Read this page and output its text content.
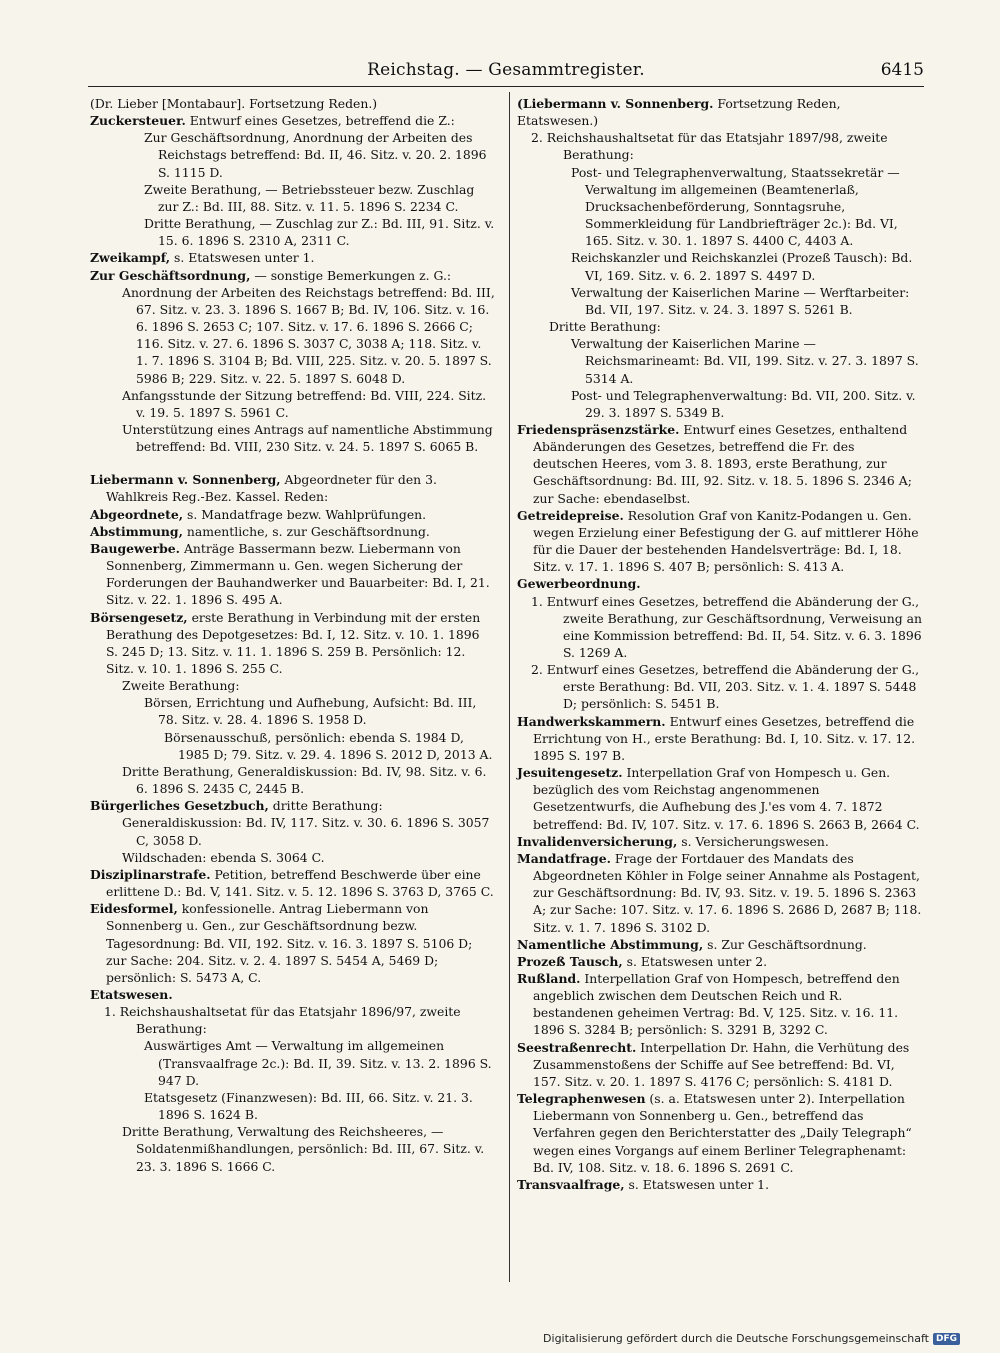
Reichstag. — Gesammtregister.	6415
(Dr. Lieber [Montabaur]. Fortsetzung Reden.)
Zuckersteuer. Entwurf eines Gesetzes, betreffend die Z.:
Zur Geschäftsordnung, Anordnung der Arbeiten des Reichstags betreffend: Bd. II, 46. Sitz. v. 20. 2. 1896 S. 1115 D.
Zweite Berathung, — Betriebssteuer bezw. Zuschlag zur Z.: Bd. III, 88. Sitz. v. 11. 5. 1896 S. 2234 C.
Dritte Berathung, — Zuschlag zur Z.: Bd. III, 91. Sitz. v. 15. 6. 1896 S. 2310 A, 2311 C.
Zweikampf, s. Etatswesen unter 1.
Zur Geschäftsordnung, — sonstige Bemerkungen z. G.:
Anordnung der Arbeiten des Reichstags betreffend: Bd. III, 67. Sitz. v. 23. 3. 1896 S. 1667 B; Bd. IV, 106. Sitz. v. 16. 6. 1896 S. 2653 C; 107. Sitz. v. 17. 6. 1896 S. 2666 C; 116. Sitz. v. 27. 6. 1896 S. 3037 C, 3038 A; 118. Sitz. v. 1. 7. 1896 S. 3104 B; Bd. VIII, 225. Sitz. v. 20. 5. 1897 S. 5986 B; 229. Sitz. v. 22. 5. 1897 S. 6048 D.
Anfangsstunde der Sitzung betreffend: Bd. VIII, 224. Sitz. v. 19. 5. 1897 S. 5961 C.
Unterstützung eines Antrags auf namentliche Abstimmung betreffend: Bd. VIII, 230 Sitz. v. 24. 5. 1897 S. 6065 B.
Liebermann v. Sonnenberg, Abgeordneter für den 3. Wahlkreis Reg.-Bez. Kassel. Reden:
Abgeordnete, s. Mandatfrage bezw. Wahlprüfungen.
Abstimmung, namentliche, s. zur Geschäftsordnung.
Baugewerbe. Anträge Bassermann bezw. Liebermann von Sonnenberg, Zimmermann u. Gen. wegen Sicherung der Forderungen der Bauhandwerker und Bauarbeiter: Bd. I, 21. Sitz. v. 22. 1. 1896 S. 495 A.
Börsengesetz, erste Berathung in Verbindung mit der ersten Berathung des Depotgesetzes: Bd. I, 12. Sitz. v. 10. 1. 1896 S. 245 D; 13. Sitz. v. 11. 1. 1896 S. 259 B. Persönlich: 12. Sitz. v. 10. 1. 1896 S. 255 C.
Zweite Berathung:
Börsen, Errichtung und Aufhebung, Aufsicht: Bd. III, 78. Sitz. v. 28. 4. 1896 S. 1958 D.
Börsenausschuß, persönlich: ebenda S. 1984 D, 1985 D; 79. Sitz. v. 29. 4. 1896 S. 2012 D, 2013 A.
Dritte Berathung, Generaldiskussion: Bd. IV, 98. Sitz. v. 6. 6. 1896 S. 2435 C, 2445 B.
Bürgerliches Gesetzbuch, dritte Berathung:
Generaldiskussion: Bd. IV, 117. Sitz. v. 30. 6. 1896 S. 3057 C, 3058 D.
Wildschaden: ebenda S. 3064 C.
Disziplinarstrafe. Petition, betreffend Beschwerde über eine erlittene D.: Bd. V, 141. Sitz. v. 5. 12. 1896 S. 3763 D, 3765 C.
Eidesformel, konfessionelle. Antrag Liebermann von Sonnenberg u. Gen., zur Geschäftsordnung bezw. Tagesordnung: Bd. VII, 192. Sitz. v. 16. 3. 1897 S. 5106 D; zur Sache: 204. Sitz. v. 2. 4. 1897 S. 5454 A, 5469 D; persönlich: S. 5473 A, C.
Etatswesen.
1. Reichshaushaltsetat für das Etatsjahr 1896/97, zweite Berathung:
Auswärtiges Amt — Verwaltung im allgemeinen (Transvaalfrage 2c.): Bd. II, 39. Sitz. v. 13. 2. 1896 S. 947 D.
Etatsgesetz (Finanzwesen): Bd. III, 66. Sitz. v. 21. 3. 1896 S. 1624 B.
Dritte Berathung, Verwaltung des Reichsheeres, — Soldatenmißhandlungen, persönlich: Bd. III, 67. Sitz. v. 23. 3. 1896 S. 1666 C.
(Liebermann v. Sonnenberg. Fortsetzung Reden, Etatswesen.)
2. Reichshaushaltsetat für das Etatsjahr 1897/98, zweite Berathung:
Post- und Telegraphenverwaltung, Staatssekretär — Verwaltung im allgemeinen (Beamtenerlaß, Drucksachenbeförderung, Sonntagsruhe, Sommerkleidung für Landbriefträger 2c.): Bd. VI, 165. Sitz. v. 30. 1. 1897 S. 4400 C, 4403 A.
Reichskanzler und Reichskanzlei (Prozeß Tausch): Bd. VI, 169. Sitz. v. 6. 2. 1897 S. 4497 D.
Verwaltung der Kaiserlichen Marine — Werftarbeiter: Bd. VII, 197. Sitz. v. 24. 3. 1897 S. 5261 B.
Dritte Berathung:
Verwaltung der Kaiserlichen Marine — Reichsmarineamt: Bd. VII, 199. Sitz. v. 27. 3. 1897 S. 5314 A.
Post- und Telegraphenverwaltung: Bd. VII, 200. Sitz. v. 29. 3. 1897 S. 5349 B.
Friedenspräsenzstärke. Entwurf eines Gesetzes, enthaltend Abänderungen des Gesetzes, betreffend die Fr. des deutschen Heeres, vom 3. 8. 1893, erste Berathung, zur Geschäftsordnung: Bd. III, 92. Sitz. v. 18. 5. 1896 S. 2346 A; zur Sache: ebendaselbst.
Getreidepreise. Resolution Graf von Kanitz-Podangen u. Gen. wegen Erzielung einer Befestigung der G. auf mittlerer Höhe für die Dauer der bestehenden Handelsverträge: Bd. I, 18. Sitz. v. 17. 1. 1896 S. 407 B; persönlich: S. 413 A.
Gewerbeordnung.
1. Entwurf eines Gesetzes, betreffend die Abänderung der G., zweite Berathung, zur Geschäftsordnung, Verweisung an eine Kommission betreffend: Bd. II, 54. Sitz. v. 6. 3. 1896 S. 1269 A.
2. Entwurf eines Gesetzes, betreffend die Abänderung der G., erste Berathung: Bd. VII, 203. Sitz. v. 1. 4. 1897 S. 5448 D; persönlich: S. 5451 B.
Handwerkskammern. Entwurf eines Gesetzes, betreffend die Errichtung von H., erste Berathung: Bd. I, 10. Sitz. v. 17. 12. 1895 S. 197 B.
Jesuitengesetz. Interpellation Graf von Hompesch u. Gen. bezüglich des vom Reichstag angenommenen Gesetzentwurfs, die Aufhebung des J.'es vom 4. 7. 1872 betreffend: Bd. IV, 107. Sitz. v. 17. 6. 1896 S. 2663 B, 2664 C.
Invalidenversicherung, s. Versicherungswesen.
Mandatfrage. Frage der Fortdauer des Mandats des Abgeordneten Köhler in Folge seiner Annahme als Postagent, zur Geschäftsordnung: Bd. IV, 93. Sitz. v. 19. 5. 1896 S. 2363 A; zur Sache: 107. Sitz. v. 17. 6. 1896 S. 2686 D, 2687 B; 118. Sitz. v. 1. 7. 1896 S. 3102 D.
Namentliche Abstimmung, s. Zur Geschäftsordnung.
Prozeß Tausch, s. Etatswesen unter 2.
Rußland. Interpellation Graf von Hompesch, betreffend den angeblich zwischen dem Deutschen Reich und R. bestandenen geheimen Vertrag: Bd. V, 125. Sitz. v. 16. 11. 1896 S. 3284 B; persönlich: S. 3291 B, 3292 C.
Seestraßenrecht. Interpellation Dr. Hahn, die Verhütung des Zusammenstoßens der Schiffe auf See betreffend: Bd. VI, 157. Sitz. v. 20. 1. 1897 S. 4176 C; persönlich: S. 4181 D.
Telegraphenwesen (s. a. Etatswesen unter 2). Interpellation Liebermann von Sonnenberg u. Gen., betreffend das Verfahren gegen den Berichterstatter des „Daily Telegraph“ wegen eines Vorgangs auf einem Berliner Telegraphenamt: Bd. IV, 108. Sitz. v. 18. 6. 1896 S. 2691 C.
Transvaalfrage, s. Etatswesen unter 1.
Digitalisierung gefördert durch die Deutsche Forschungsgemeinschaft DFG
